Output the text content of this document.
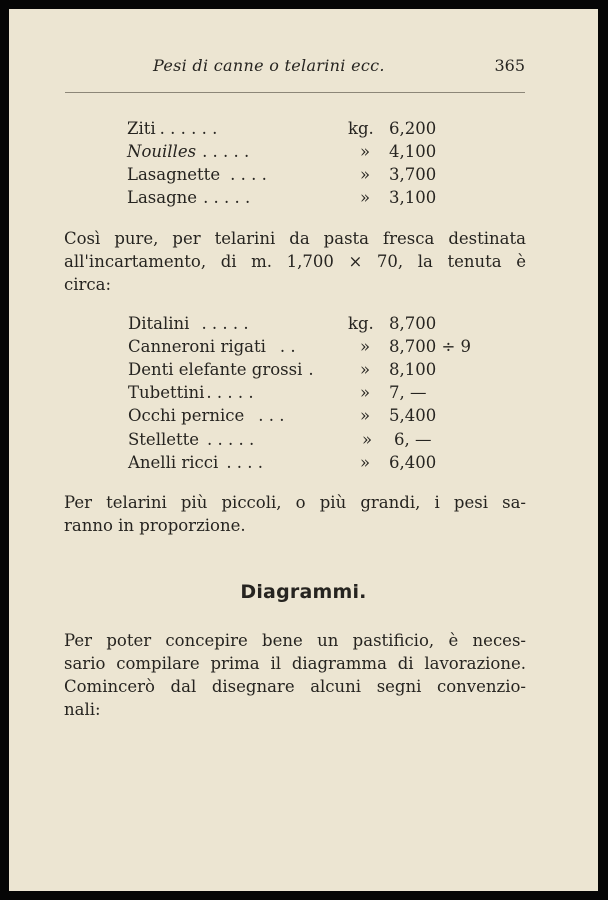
Pesi di canne o telarini ecc.	365
Ziti . . . . . .	kg. 6,200
Nouilles . . . . .	» 4,100
Lasagnette . . . .	» 3,700
Lasagne . . . . .	» 3,100
Così pure, per telarini da pasta fresca destinata
all'incartamento, di m. 1,700 × 70, la tenuta è
circa:
Ditalini . . . . .	kg. 8,700
Canneroni rigati . .	» 8,700 ÷ 9
Denti elefante grossi .	» 8,100
Tubettini . . . . .	» 7, —
Occhi pernice . . .	» 5,400
Stellette . . . . .	» 6, —
Anelli ricci . . . .	» 6,400
Per telarini più piccoli, o più grandi, i pesi sa-
ranno in proporzione.
Diagrammi.
Per poter concepire bene un pastificio, è neces-
sario compilare prima il diagramma di lavorazione.
Comincerò dal disegnare alcuni segni convenzio-
nali:
